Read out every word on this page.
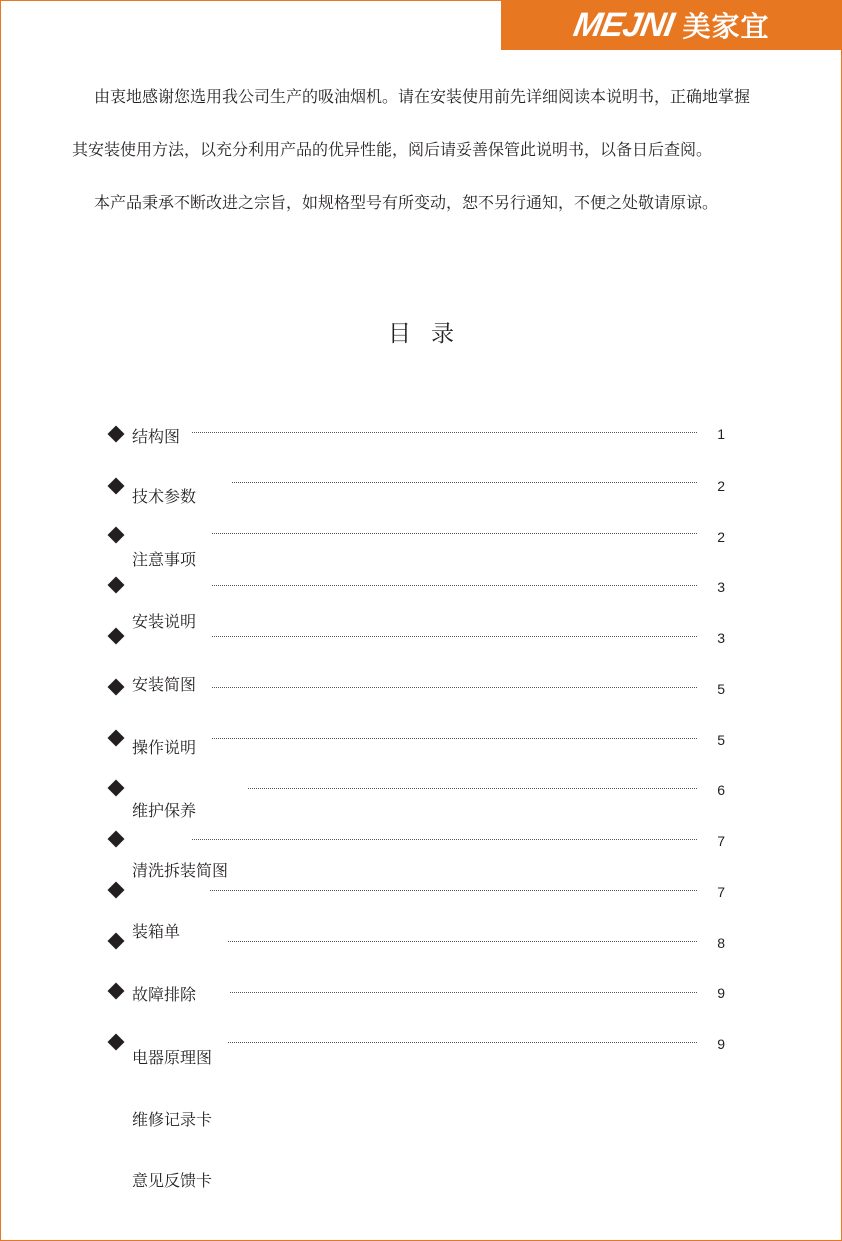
MEJNI 美家宜

由衷地感谢您选用我公司生产的吸油烟机。请在安装使用前先详细阅读本说明书，正确地掌握其安装使用方法，以充分利用产品的优异性能，阅后请妥善保管此说明书，以备日后查阅。

本产品秉承不断改进之宗旨，如规格型号有所变动，恕不另行通知，不便之处敬请原谅。

目录
结构图	1
技术参数
2
注意事项
2
安装说明
3
安装简图
3
操作说明
5
维护保养
5
清洗拆装简图
6
装箱单
7
故障排除
7
电器原理图
8
维修记录卡
9
意见反馈卡
9
